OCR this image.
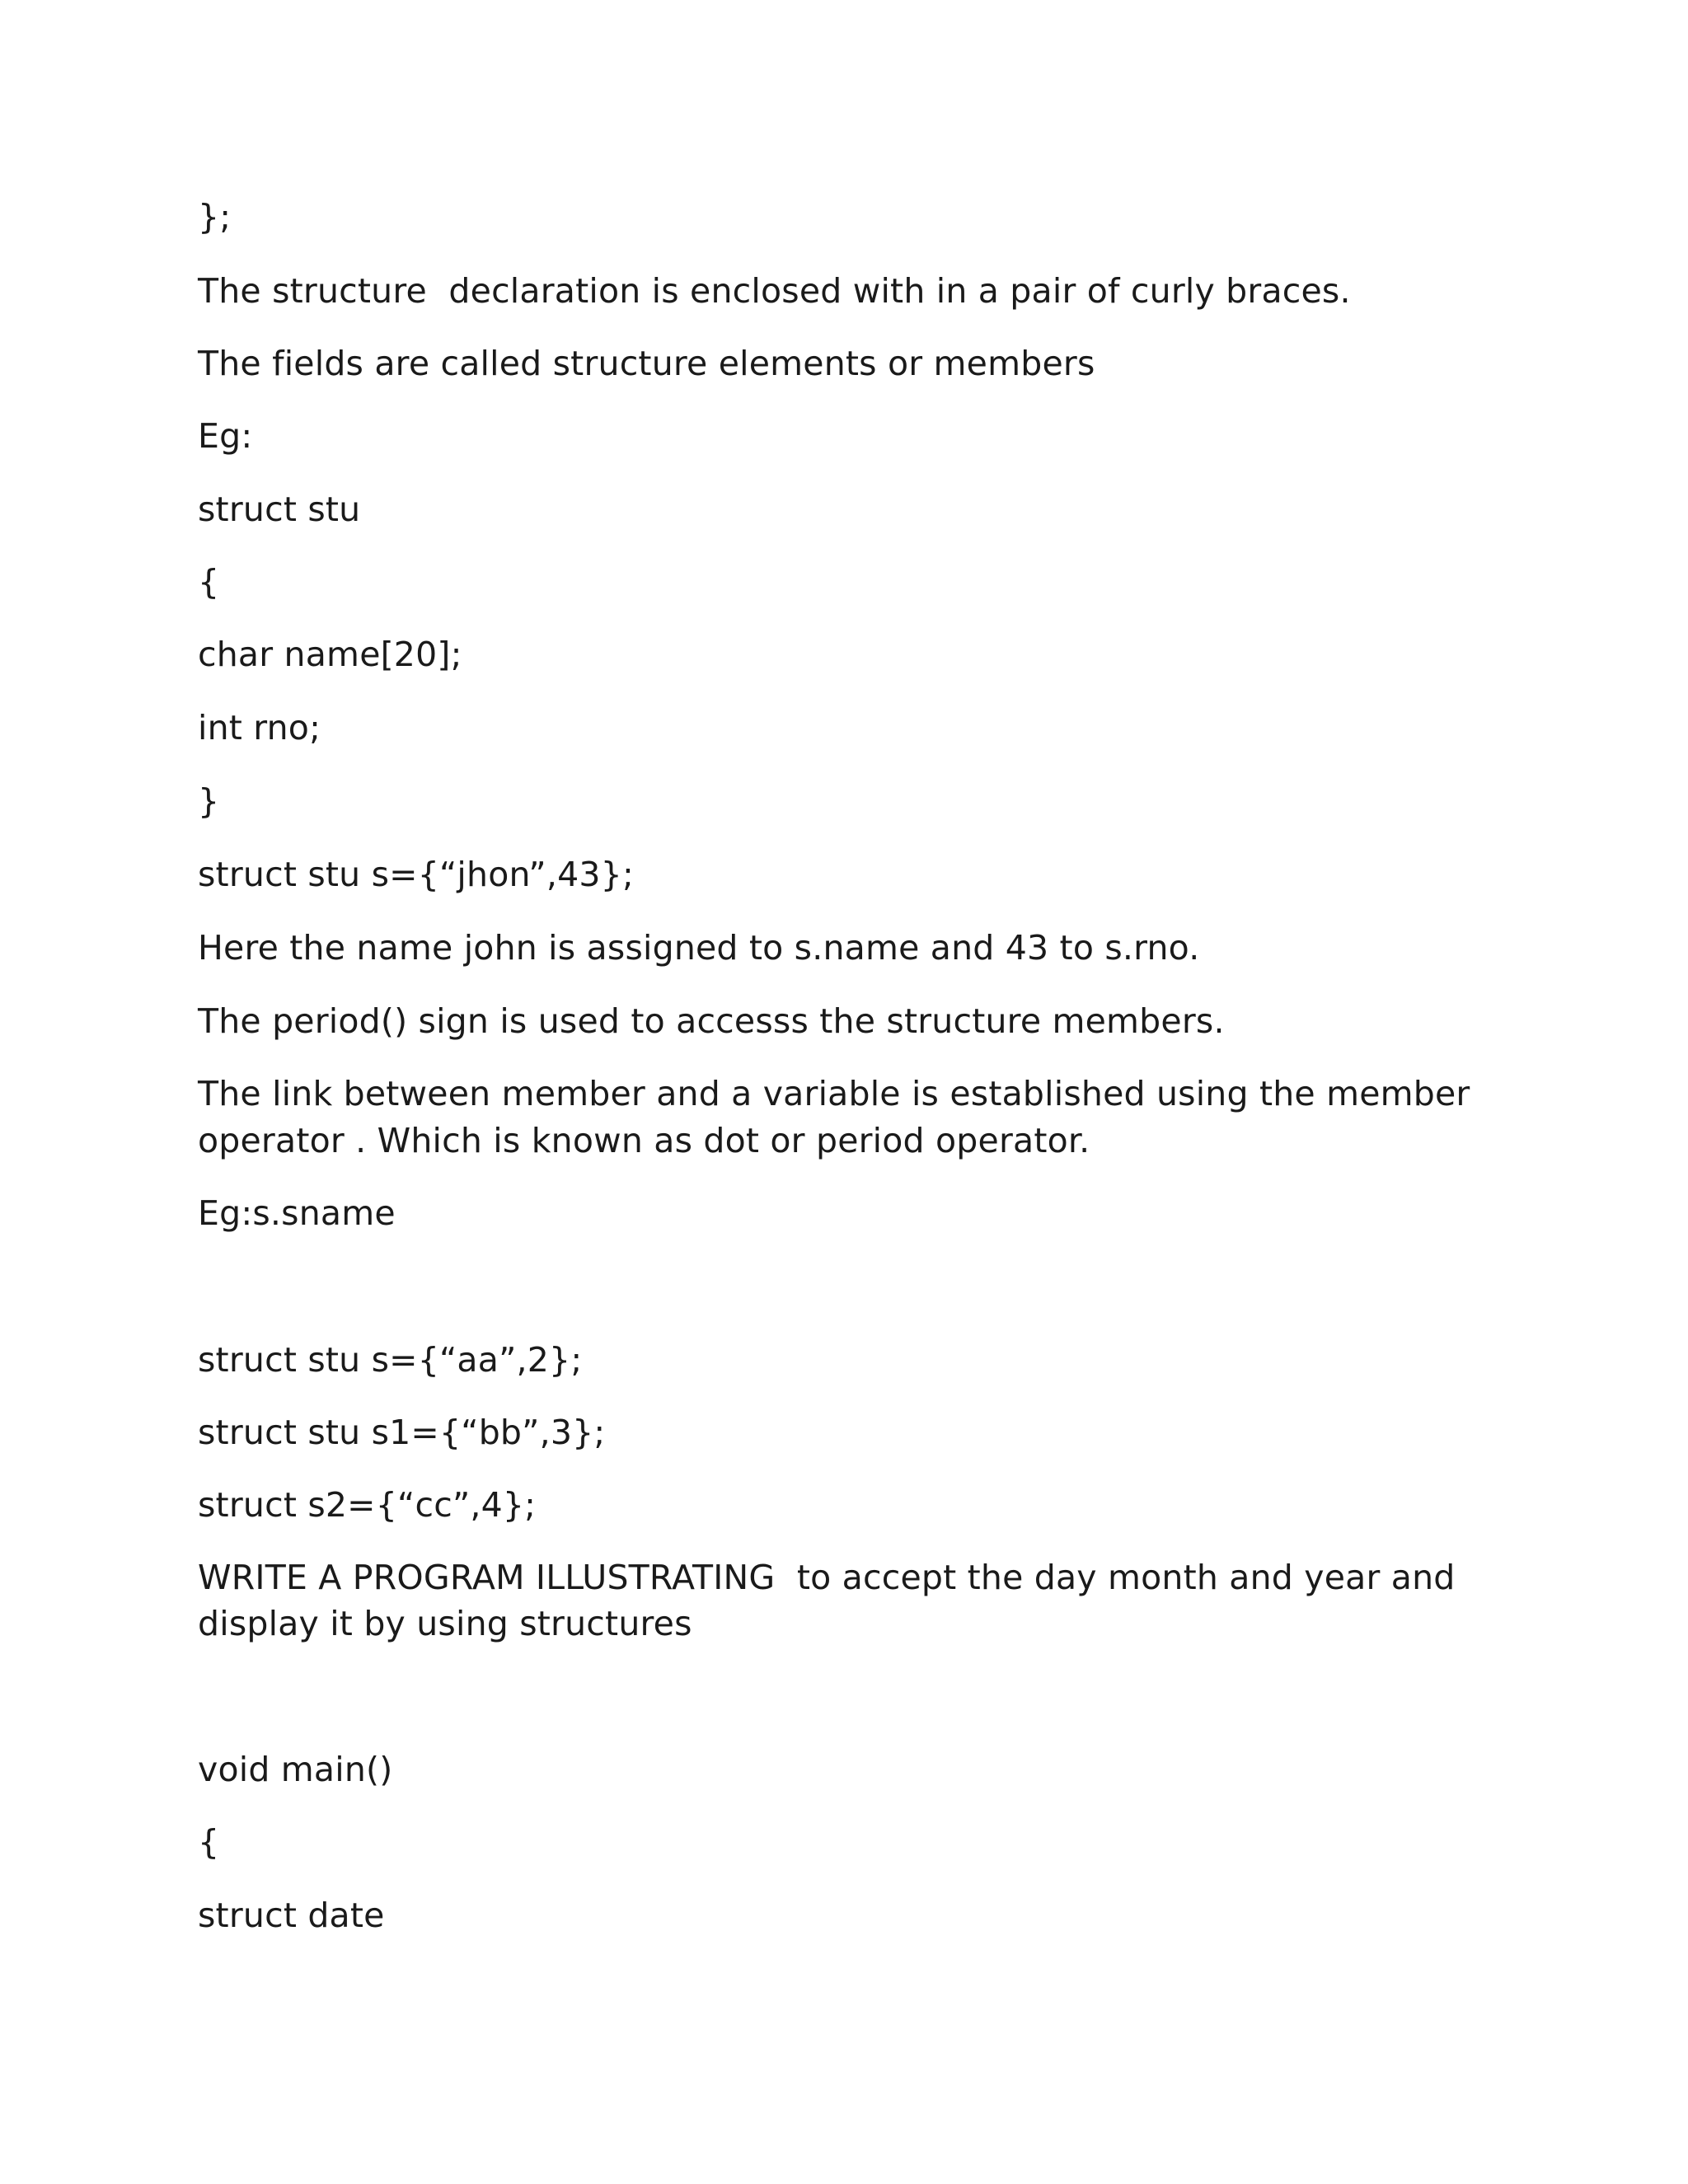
};

The structure  declaration is enclosed with in a pair of curly braces.

The fields are called structure elements or members

Eg:

struct stu

{

char name[20];

int rno;

}

struct stu s={“jhon”,43};

Here the name john is assigned to s.name and 43 to s.rno.

The period() sign is used to accesss the structure members.

The link between member and a variable is established using the member

operator . Which is known as dot or period operator.

Eg:s.sname

struct stu s={“aa”,2};

struct stu s1={“bb”,3};

struct s2={“cc”,4};

WRITE A PROGRAM ILLUSTRATING  to accept the day month and year and

display it by using structures

void main()

{

struct date
